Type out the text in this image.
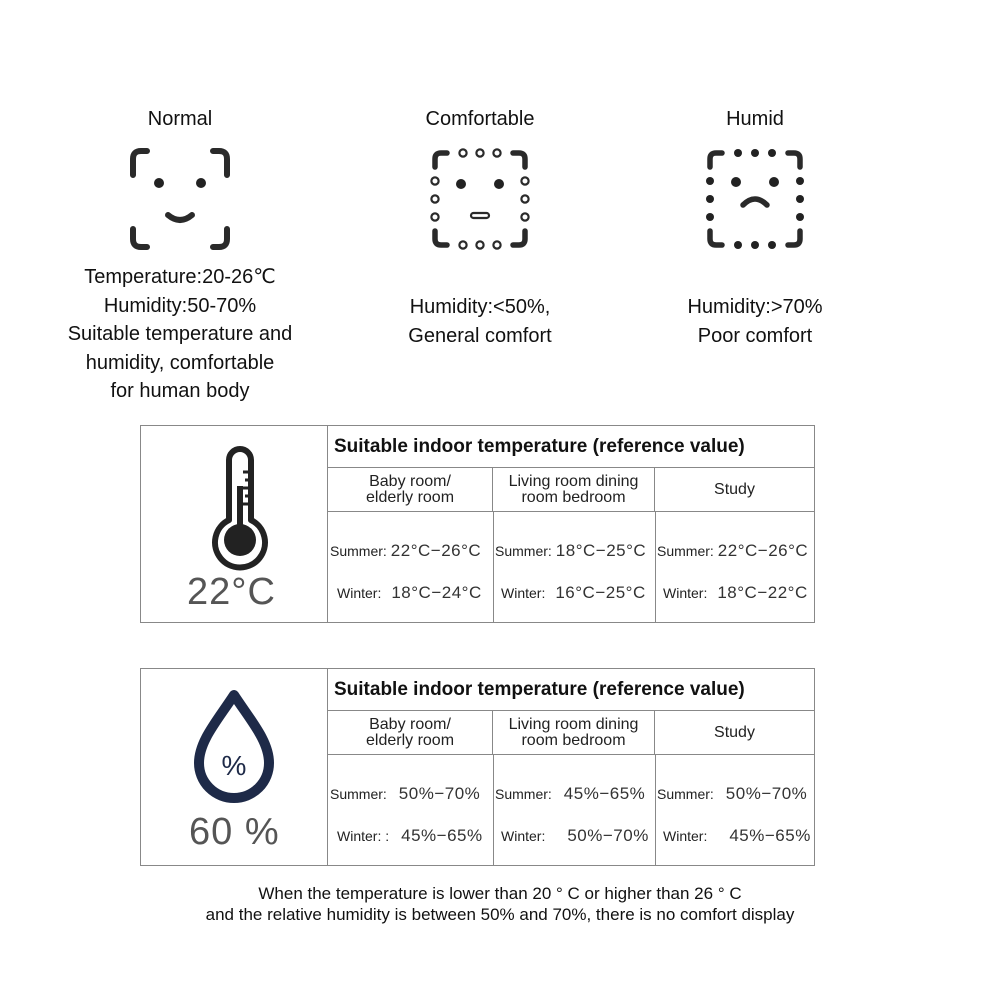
Normal
Temperature:20-26℃
Humidity:50-70%
Suitable temperature and
humidity, comfortable
for human body
Comfortable
Humidity:<50%,
General comfort
Humid
Humidity:>70%
Poor comfort
22°C
Suitable indoor temperature (reference value)
Baby room/
elderly room
Living room dining
room bedroom	Study
Summer: 22°C−26°C Summer: 18°C−25°C Summer: 22°C−26°C
Winter: 18°C−24°C Winter: 16°C−25°C Winter: 18°C−22°C
%
60 %
Suitable indoor temperature (reference value)
Baby room/
elderly room
Living room dining
room bedroom	Study
Summer: 50%−70% Summer: 45%−65% Summer: 50%−70%
Winter: : 45%−65% Winter: 50%−70% Winter: 45%−65%
When the temperature is lower than 20 ° C or higher than 26 ° C
and the relative humidity is between 50% and 70%, there is no comfort display
